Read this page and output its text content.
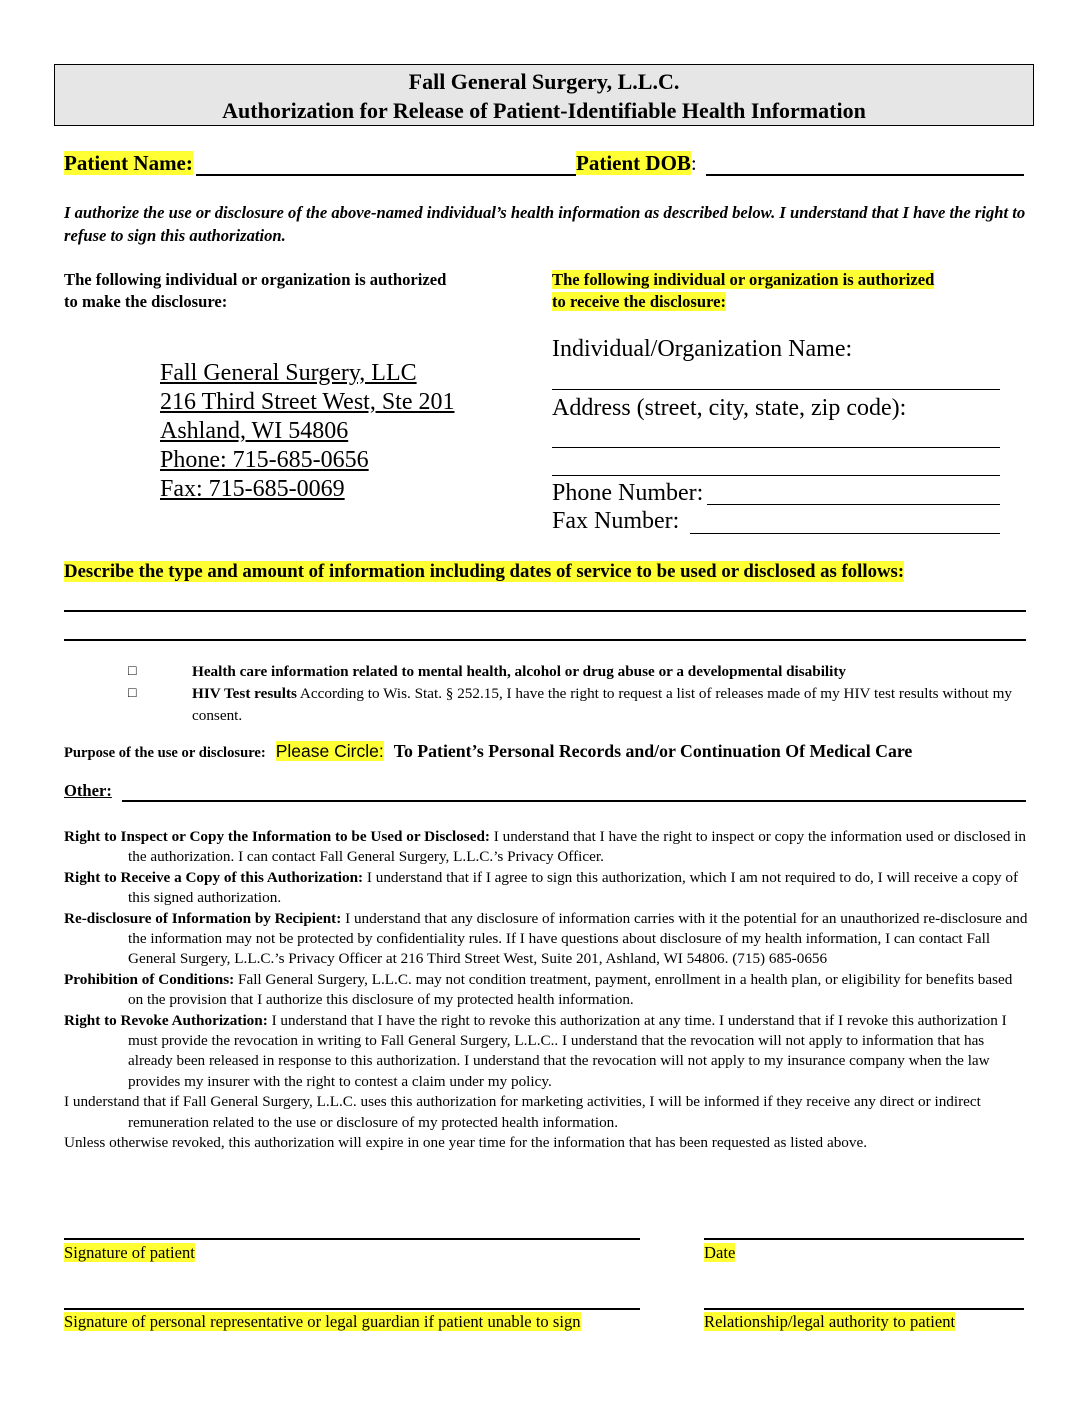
Fall General Surgery, L.L.C.
Authorization for Release of Patient-Identifiable Health Information
Patient Name:	Patient DOB:
I authorize the use or disclosure of the above-named individual’s health information as described below. I understand that I have the right to refuse to sign this authorization.
The following individual or organization is authorized
to make the disclosure:
Fall General Surgery, LLC
216 Third Street West, Ste 201
Ashland, WI 54806
Phone: 715-685-0656
Fax: 715-685-0069
The following individual or organization is authorized
to receive the disclosure:
Individual/Organization Name:
Address (street, city, state, zip code):
Phone Number:
Fax Number:
Describe the type and amount of information including dates of service to be used or disclosed as follows:
□	Health care information related to mental health, alcohol or drug abuse or a developmental disability
□	HIV Test results According to Wis. Stat. § 252.15, I have the right to request a list of releases made of my HIV test results without my consent.
Purpose of the use or disclosure: Please Circle: To Patient’s Personal Records and/or Continuation Of Medical Care
Other:

Right to Inspect or Copy the Information to be Used or Disclosed: I understand that I have the right to inspect or copy the information used or disclosed in the authorization. I can contact Fall General Surgery, L.L.C.’s Privacy Officer.

Right to Receive a Copy of this Authorization: I understand that if I agree to sign this authorization, which I am not required to do, I will receive a copy of this signed authorization.

Re-disclosure of Information by Recipient: I understand that any disclosure of information carries with it the potential for an unauthorized re-disclosure and the information may not be protected by confidentiality rules. If I have questions about disclosure of my health information, I can contact Fall General Surgery, L.L.C.’s Privacy Officer at 216 Third Street West, Suite 201, Ashland, WI 54806. (715) 685-0656

Prohibition of Conditions: Fall General Surgery, L.L.C. may not condition treatment, payment, enrollment in a health plan, or eligibility for benefits based on the provision that I authorize this disclosure of my protected health information.

Right to Revoke Authorization: I understand that I have the right to revoke this authorization at any time. I understand that if I revoke this authorization I must provide the revocation in writing to Fall General Surgery, L.L.C.. I understand that the revocation will not apply to information that has already been released in response to this authorization. I understand that the revocation will not apply to my insurance company when the law provides my insurer with the right to contest a claim under my policy.

I understand that if Fall General Surgery, L.L.C. uses this authorization for marketing activities, I will be informed if they receive any direct or indirect remuneration related to the use or disclosure of my protected health information.

Unless otherwise revoked, this authorization will expire in one year time for the information that has been requested as listed above.

Signature of patient	Date
Signature of personal representative or legal guardian if patient unable to sign	Relationship/legal authority to patient
